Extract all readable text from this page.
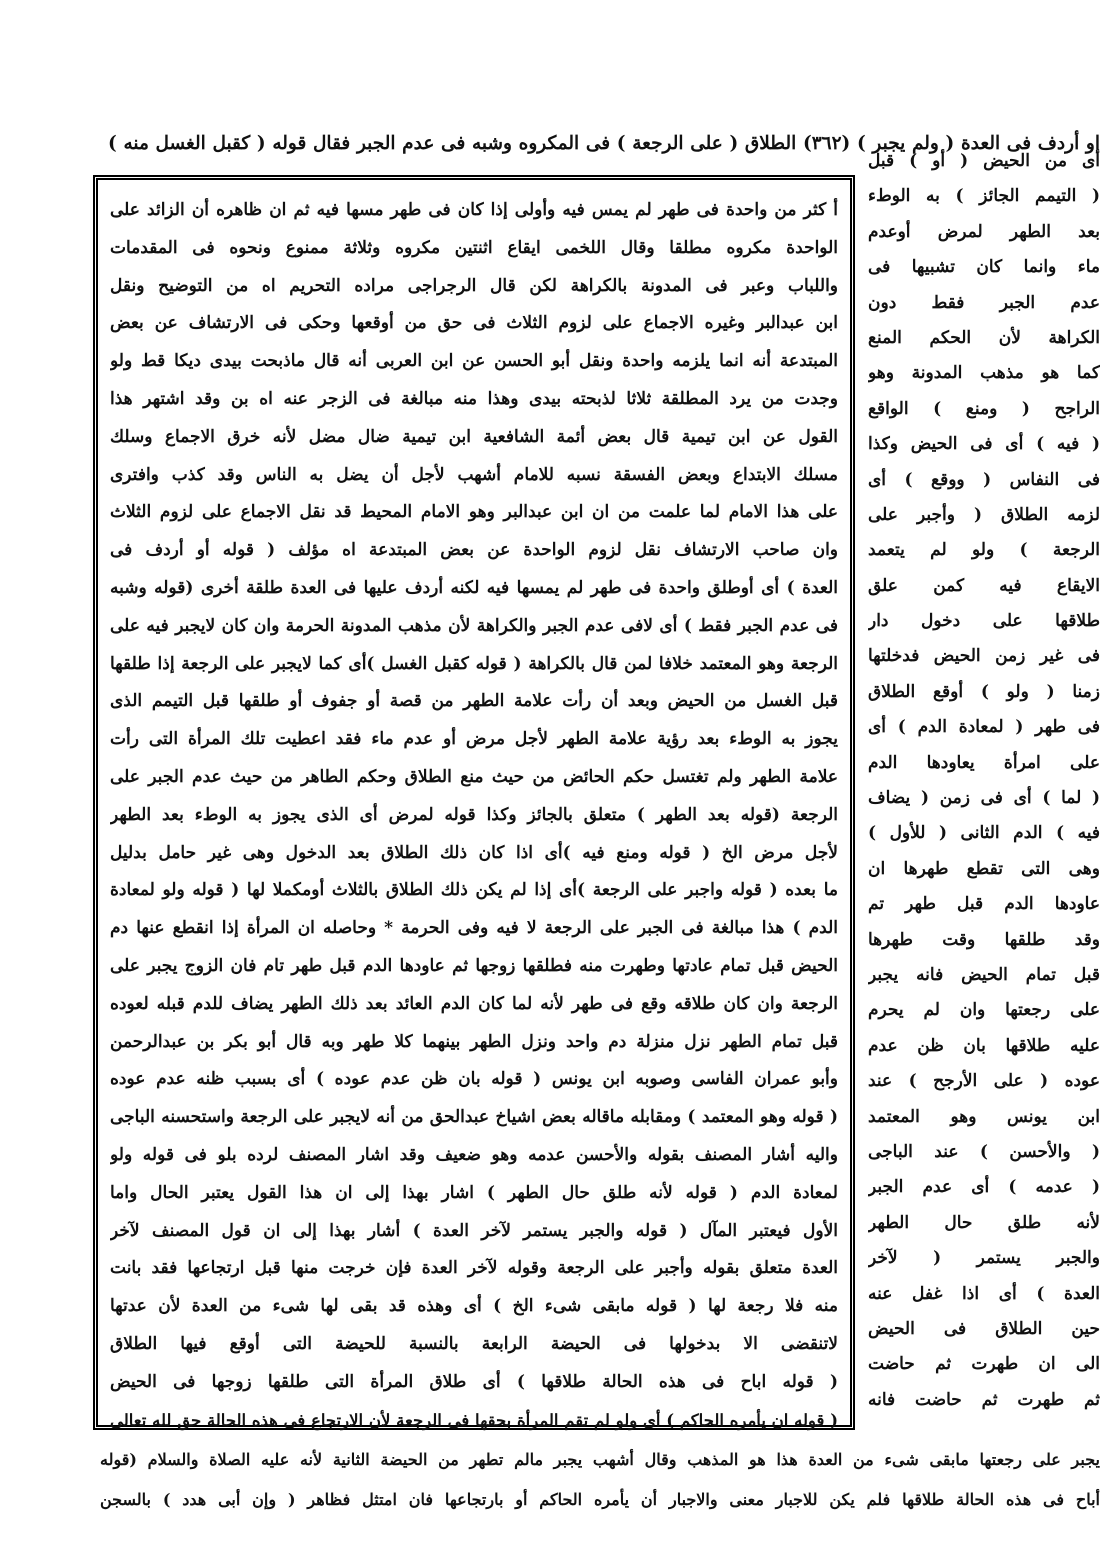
او أردف فى العدة ( ولم يجبر ) (٣٦٢) الطلاق ( على الرجعة ) فى المكروه وشبه فى عدم الجبر فقال قوله ( كقبل الغسل منه )
أ كثر من واحدة فى طهر لم يمس فيه وأولى إذا كان فى طهر مسها فيه ثم ان ظاهره أن الزائد على
الواحدة مكروه مطلقا وقال اللخمى ايقاع اثنتين مكروه وثلاثة ممنوع ونحوه فى المقدمات
واللباب وعبر فى المدونة بالكراهة لكن قال الرجراجى مراده التحريم اه من التوضيح ونقل
ابن عبدالبر وغيره الاجماع على لزوم الثلاث فى حق من أوقعها وحكى فى الارتشاف عن بعض
المبتدعة أنه انما يلزمه واحدة ونقل أبو الحسن عن ابن العربى أنه قال ماذبحت بيدى ديكا قط ولو
وجدت من يرد المطلقة ثلاثا لذبحته بيدى وهذا منه مبالغة فى الزجر عنه اه بن وقد اشتهر هذا
القول عن ابن تيمية قال بعض أئمة الشافعية ابن تيمية ضال مضل لأنه خرق الاجماع وسلك
مسلك الابتداع وبعض الفسقة نسبه للامام أشهب لأجل أن يضل به الناس وقد كذب وافترى
على هذا الامام لما علمت من ان ابن عبدالبر وهو الامام المحيط قد نقل الاجماع على لزوم الثلاث
وان صاحب الارتشاف نقل لزوم الواحدة عن بعض المبتدعة اه مؤلف ( قوله أو أردف فى
العدة ) أى أوطلق واحدة فى طهر لم يمسها فيه لكنه أردف عليها فى العدة طلقة أخرى (قوله وشبه
فى عدم الجبر فقط ) أى لافى عدم الجبر والكراهة لأن مذهب المدونة الحرمة وان كان لايجبر فيه على
الرجعة وهو المعتمد خلافا لمن قال بالكراهة ( قوله كقبل الغسل )أى كما لايجبر على الرجعة إذا طلقها
قبل الغسل من الحيض وبعد أن رأت علامة الطهر من قصة أو جفوف أو طلقها قبل التيمم الذى
يجوز به الوطء بعد رؤية علامة الطهر لأجل مرض أو عدم ماء فقد اعطيت تلك المرأة التى رأت
علامة الطهر ولم تغتسل حكم الحائض من حيث منع الطلاق وحكم الطاهر من حيث عدم الجبر على
الرجعة (قوله بعد الطهر ) متعلق بالجائز وكذا قوله لمرض أى الذى يجوز به الوطء بعد الطهر
لأجل مرض الخ ( قوله ومنع فيه )أى اذا كان ذلك الطلاق بعد الدخول وهى غير حامل بدليل
ما بعده ( قوله واجبر على الرجعة )أى إذا لم يكن ذلك الطلاق بالثلاث أومكملا لها ( قوله ولو لمعادة
الدم ) هذا مبالغة فى الجبر على الرجعة لا فيه وفى الحرمة * وحاصله ان المرأة إذا انقطع عنها دم
الحيض قبل تمام عادتها وطهرت منه فطلقها زوجها ثم عاودها الدم قبل طهر تام فان الزوج يجبر على
الرجعة وان كان طلاقه وقع فى طهر لأنه لما كان الدم العائد بعد ذلك الطهر يضاف للدم قبله لعوده
قبل تمام الطهر نزل منزلة دم واحد ونزل الطهر بينهما كلا طهر وبه قال أبو بكر بن عبدالرحمن
وأبو عمران الفاسى وصوبه ابن يونس ( قوله بان ظن عدم عوده ) أى بسبب ظنه عدم عوده
( قوله وهو المعتمد ) ومقابله ماقاله بعض اشياخ عبدالحق من أنه لايجبر على الرجعة واستحسنه الباجى
واليه أشار المصنف بقوله والأحسن عدمه وهو ضعيف وقد اشار المصنف لرده بلو فى قوله ولو
لمعادة الدم ( قوله لأنه طلق حال الطهر ) اشار بهذا إلى ان هذا القول يعتبر الحال واما
الأول فيعتبر المآل ( قوله والجبر يستمر لآخر العدة ) أشار بهذا إلى ان قول المصنف لآخر
العدة متعلق بقوله وأجبر على الرجعة وقوله لآخر العدة فإن خرجت منها قبل ارتجاعها فقد بانت
منه فلا رجعة لها ( قوله مابقى شىء الخ ) أى وهذه قد بقى لها شىء من العدة لأن عدتها
لاتنقضى الا بدخولها فى الحيضة الرابعة بالنسبة للحيضة التى أوقع فيها الطلاق
( قوله اباح فى هذه الحالة طلاقها ) أى طلاق المرأة التى طلقها زوجها فى الحيض
( قوله ان يأمره الحاكم ) أى ولو لم تقم المرأة بحقها فى الرجعة لأن الارتجاع فى هذه الحالة حق لله تعالى
أى من الحيض ( أو ) قبل
( التيمم الجائز ) به الوطء
بعد الطهر لمرض أوعدم
ماء وانما كان تشبيها فى
عدم الجبر فقط دون
الكراهة لأن الحكم المنع
كما هو مذهب المدونة وهو
الراجح ( ومنع ) الواقع
( فيه ) أى فى الحيض وكذا
فى النفاس ( ووقع ) أى
لزمه الطلاق ( وأجبر على
الرجعة ) ولو لم يتعمد
الايقاع فيه كمن علق
طلاقها على دخول دار
فى غير زمن الحيض فدخلتها
زمنا ( ولو ) أوقع الطلاق
فى طهر ( لمعادة الدم ) أى
على امرأة يعاودها الدم
( لما ) أى فى زمن ( يضاف
فيه ) الدم الثانى ( للأول )
وهى التى تقطع طهرها ان
عاودها الدم قبل طهر تم
وقد طلقها وقت طهرها
قبل تمام الحيض فانه يجبر
على رجعتها وان لم يحرم
عليه طلاقها بان ظن عدم
عوده ( على الأرجح ) عند
ابن يونس وهو المعتمد
( والأحسن ) عند الباجى
( عدمه ) أى عدم الجبر
لأنه طلق حال الطهر
والجبر يستمر ( لآخر
العدة ) أى اذا غفل عنه
حين الطلاق فى الحيض
الى ان طهرت ثم حاضت
ثم طهرت ثم حاضت فانه
يجبر على رجعتها مابقى شىء من العدة هذا هو المذهب وقال أشهب يجبر مالم تطهر من الحيضة الثانية لأنه عليه الصلاة والسلام (قوله
أباح فى هذه الحالة طلاقها فلم يكن للاجبار معنى والاجبار أن يأمره الحاكم أو بارتجاعها فان امتثل فظاهر ( وإن أبى هدد ) بالسجن
